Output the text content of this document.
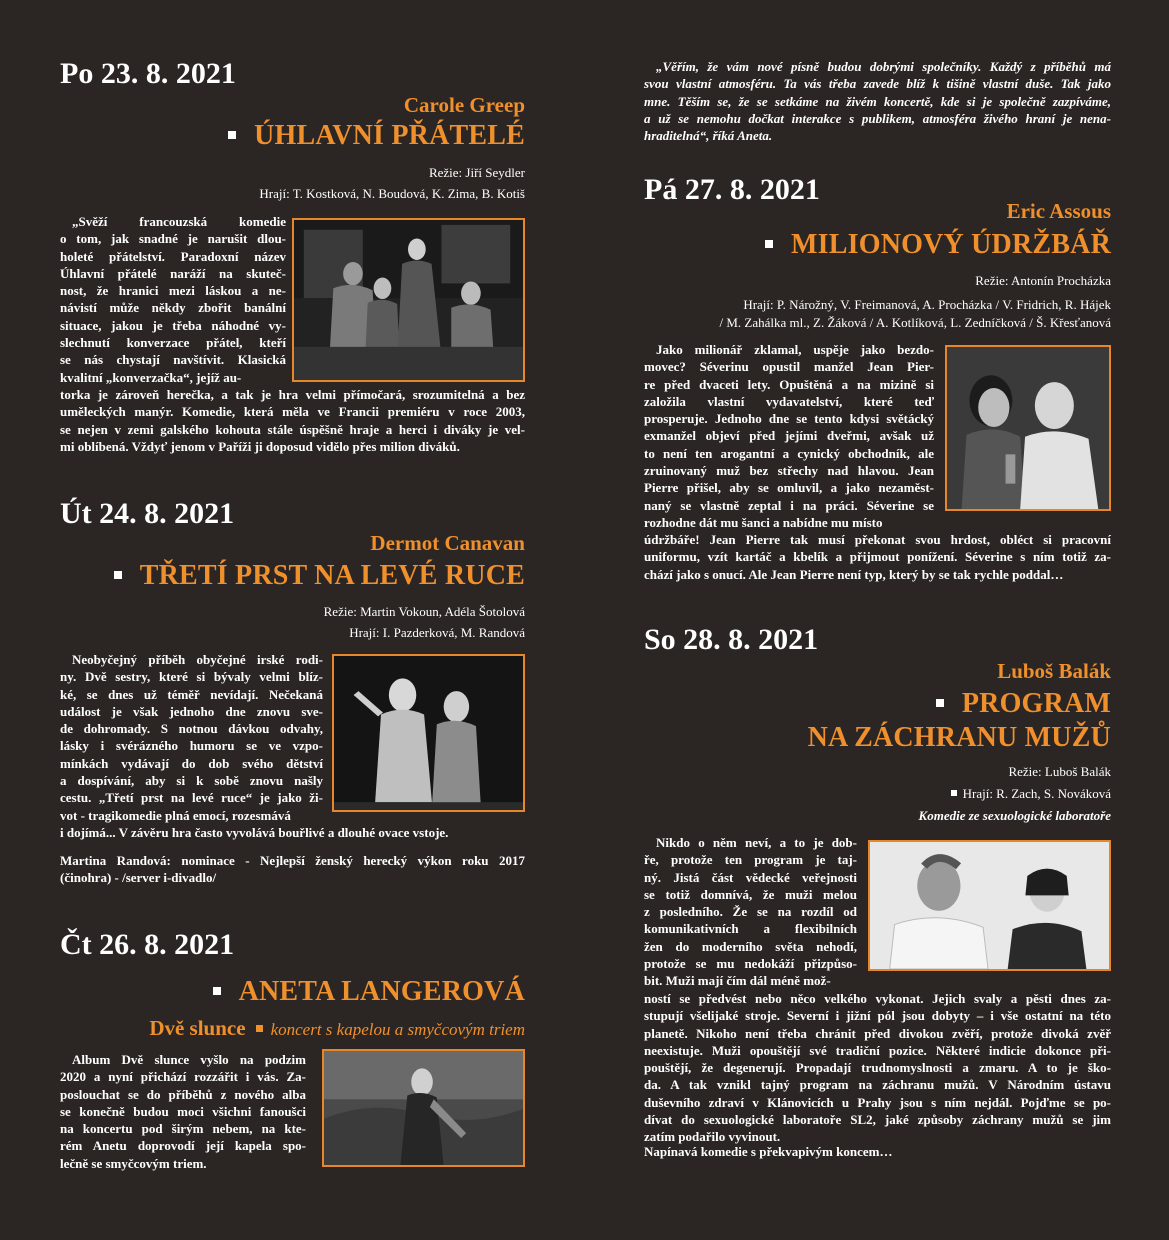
Po 23. 8. 2021
Carole Greep
ÚHLAVNÍ PŘÁTELÉ
Režie: Jiří Seydler
Hrají: T. Kostková, N. Boudová, K. Zima, B. Kotiš
„Svěží francouzská komedie
o tom, jak snadné je narušit dlou-
holeté přátelství. Paradoxní název
Úhlavní přátelé naráží na skuteč-
nost, že hranici mezi láskou a ne-
návistí může někdy zbořit banální
situace, jakou je třeba náhodné vy-
slechnutí konverzace přátel, kteří
se nás chystají navštívit. Klasická
kvalitní „konverzačka“, jejíž au-
torka je zároveň herečka, a tak je hra velmi přímočará, srozumitelná a bez
uměleckých manýr. Komedie, která měla ve Francii premiéru v roce 2003,
se nejen v zemi galského kohouta stále úspěšně hraje a herci i diváky je vel-
mi oblíbená. Vždyť jenom v Paříži ji doposud vidělo přes milion diváků.
Út 24. 8. 2021
Dermot Canavan
TŘETÍ PRST NA LEVÉ RUCE
Režie: Martin Vokoun, Adéla Šotolová
Hrají: I. Pazderková, M. Randová
Neobyčejný příběh obyčejné irské rodi-
ny. Dvě sestry, které si bývaly velmi blíz-
ké, se dnes už téměř nevídají. Nečekaná
událost je však jednoho dne znovu sve-
de dohromady. S notnou dávkou odvahy,
lásky i svérázného humoru se ve vzpo-
mínkách vydávají do dob svého dětství
a dospívání, aby si k sobě znovu našly
cestu. „Třetí prst na levé ruce“ je jako ži-
vot - tragikomedie plná emocí, rozesmává
i dojímá... V závěru hra často vyvolává bouřlivé a dlouhé ovace vstoje.
Martina Randová: nominace - Nejlepší ženský herecký výkon roku 2017
(činohra) - /server i-divadlo/
Čt 26. 8. 2021
ANETA LANGEROVÁ
Dvě slunce koncert s kapelou a smyčcovým triem
Album Dvě slunce vyšlo na podzim
2020 a nyní přichází rozzářit i vás. Za-
poslouchat se do příběhů z nového alba
se konečně budou moci všichni fanoušci
na koncertu pod širým nebem, na kte-
rém Anetu doprovodí její kapela spo-
lečně se smyčcovým triem.
„Věřím, že vám nové písně budou dobrými společníky. Každý z příběhů má
svou vlastní atmosféru. Ta vás třeba zavede blíž k tišině vlastní duše. Tak jako
mne. Těším se, že se setkáme na živém koncertě, kde si je společně zazpíváme,
a už se nemohu dočkat interakce s publikem, atmosféra živého hraní je nena-
hraditelná“, říká Aneta.
Pá 27. 8. 2021
Eric Assous
MILIONOVÝ ÚDRŽBÁŘ
Režie: Antonín Procházka
Hrají: P. Nárožný, V. Freimanová, A. Procházka / V. Fridrich, R. Hájek
/ M. Zahálka ml., Z. Žáková / A. Kotlíková, L. Zedníčková / Š. Křesťanová
Jako milionář zklamal, uspěje jako bezdo-
movec? Séverinu opustil manžel Jean Pier-
re před dvaceti lety. Opuštěná a na mizině si
založila vlastní vydavatelství, které teď
prosperuje. Jednoho dne se tento kdysi světácký
exmanžel objeví před jejími dveřmi, avšak už
to není ten arogantní a cynický obchodník, ale
zruinovaný muž bez střechy nad hlavou. Jean
Pierre přišel, aby se omluvil, a jako nezaměst-
naný se vlastně zeptal i na práci. Séverine se
rozhodne dát mu šanci a nabídne mu místo
údržbáře! Jean Pierre tak musí překonat svou hrdost, obléct si pracovní
uniformu, vzít kartáč a kbelík a přijmout ponížení. Séverine s ním totiž za-
chází jako s onucí. Ale Jean Pierre není typ, který by se tak rychle poddal…
So 28. 8. 2021
Luboš Balák
PROGRAM
NA ZÁCHRANU MUŽŮ
Režie: Luboš Balák
Hrají: R. Zach, S. Nováková
Komedie ze sexuologické laboratoře
Nikdo o něm neví, a to je dob-
ře, protože ten program je taj-
ný. Jistá část vědecké veřejnosti
se totiž domnívá, že muži melou
z posledního. Že se na rozdíl od
komunikativních a flexibilních
žen do moderního světa nehodí,
protože se mu nedokáží přizpůso-
bit. Muži mají čím dál méně mož-
ností se předvést nebo něco velkého vykonat. Jejich svaly a pěsti dnes za-
stupují všelijaké stroje. Severní i jižní pól jsou dobyty – i vše ostatní na této
planetě. Nikoho není třeba chránit před divokou zvěří, protože divoká zvěř
neexistuje. Muži opouštějí své tradiční pozice. Některé indicie dokonce při-
pouštějí, že degenerují. Propadají trudnomyslnosti a zmaru. A to je ško-
da. A tak vznikl tajný program na záchranu mužů. V Národním ústavu
duševního zdraví v Klánovicích u Prahy jsou s ním nejdál. Pojďme se po-
dívat do sexuologické laboratoře SL2, jaké způsoby záchrany mužů se jim
zatím podařilo vyvinout.
Napínavá komedie s překvapivým koncem…
